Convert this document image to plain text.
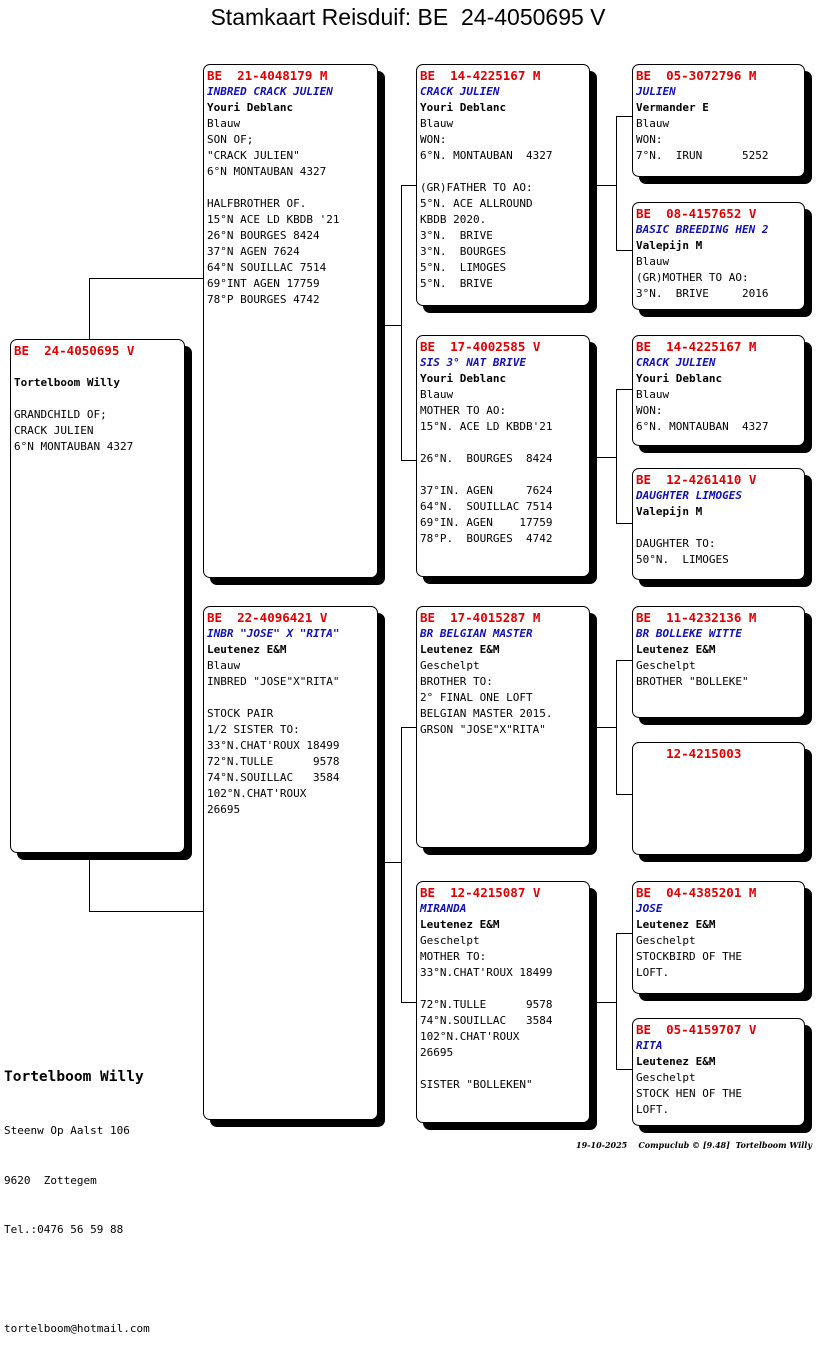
Stamkaart Reisduif: BE  24-4050695 V
BE  24-4050695 V
Tortelboom Willy
GRANDCHILD OF;
CRACK JULIEN
6°N MONTAUBAN 4327
BE  21-4048179 M
INBRED CRACK JULIEN
Youri Deblanc
Blauw
SON OF;
"CRACK JULIEN"
6°N MONTAUBAN 4327
HALFBROTHER OF.
15°N ACE LD KBDB '21
26°N BOURGES 8424
37°N AGEN 7624
64°N SOUILLAC 7514
69°INT AGEN 17759
78°P BOURGES 4742
BE  22-4096421 V
INBR "JOSE" X "RITA"
Leutenez E&M
Blauw
INBRED "JOSE"X"RITA"
STOCK PAIR
1/2 SISTER TO:
33°N.CHAT'ROUX 18499
72°N.TULLE      9578
74°N.SOUILLAC   3584
102°N.CHAT'ROUX
26695
BE  14-4225167 M
CRACK JULIEN
Youri Deblanc
Blauw
WON:
6°N. MONTAUBAN  4327
(GR)FATHER TO AO:
5°N. ACE ALLROUND
KBDB 2020.
3°N.  BRIVE
3°N.  BOURGES
5°N.  LIMOGES
5°N.  BRIVE
BE  17-4002585 V
SIS 3° NAT BRIVE
Youri Deblanc
Blauw
MOTHER TO AO:
15°N. ACE LD KBDB'21
26°N.  BOURGES  8424
37°IN. AGEN     7624
64°N.  SOUILLAC 7514
69°IN. AGEN    17759
78°P.  BOURGES  4742
BE  17-4015287 M
BR BELGIAN MASTER
Leutenez E&M
Geschelpt
BROTHER TO:
2° FINAL ONE LOFT
BELGIAN MASTER 2015.
GRSON "JOSE"X"RITA"
BE  12-4215087 V
MIRANDA
Leutenez E&M
Geschelpt
MOTHER TO:
33°N.CHAT'ROUX 18499
72°N.TULLE      9578
74°N.SOUILLAC   3584
102°N.CHAT'ROUX
26695
SISTER "BOLLEKEN"
BE  05-3072796 M
JULIEN
Vermander E
Blauw
WON:
7°N.  IRUN      5252
BE  08-4157652 V
BASIC BREEDING HEN 2
Valepijn M
Blauw
(GR)MOTHER TO AO:
3°N.  BRIVE     2016
BE  14-4225167 M
CRACK JULIEN
Youri Deblanc
Blauw
WON:
6°N. MONTAUBAN  4327
BE  12-4261410 V
DAUGHTER LIMOGES
Valepijn M
DAUGHTER TO:
50°N.  LIMOGES
BE  11-4232136 M
BR BOLLEKE WITTE
Leutenez E&M
Geschelpt
BROTHER "BOLLEKE"
12-4215003
BE  04-4385201 M
JOSE
Leutenez E&M
Geschelpt
STOCKBIRD OF THE
LOFT.
BE  05-4159707 V
RITA
Leutenez E&M
Geschelpt
STOCK HEN OF THE
LOFT.

Tortelboom Willy

Steenw Op Aalst 106

9620  Zottegem

Tel.:0476 56 59 88

tortelboom@hotmail.com

19-10-2025    Compuclub © [9.48]  Tortelboom Willy
